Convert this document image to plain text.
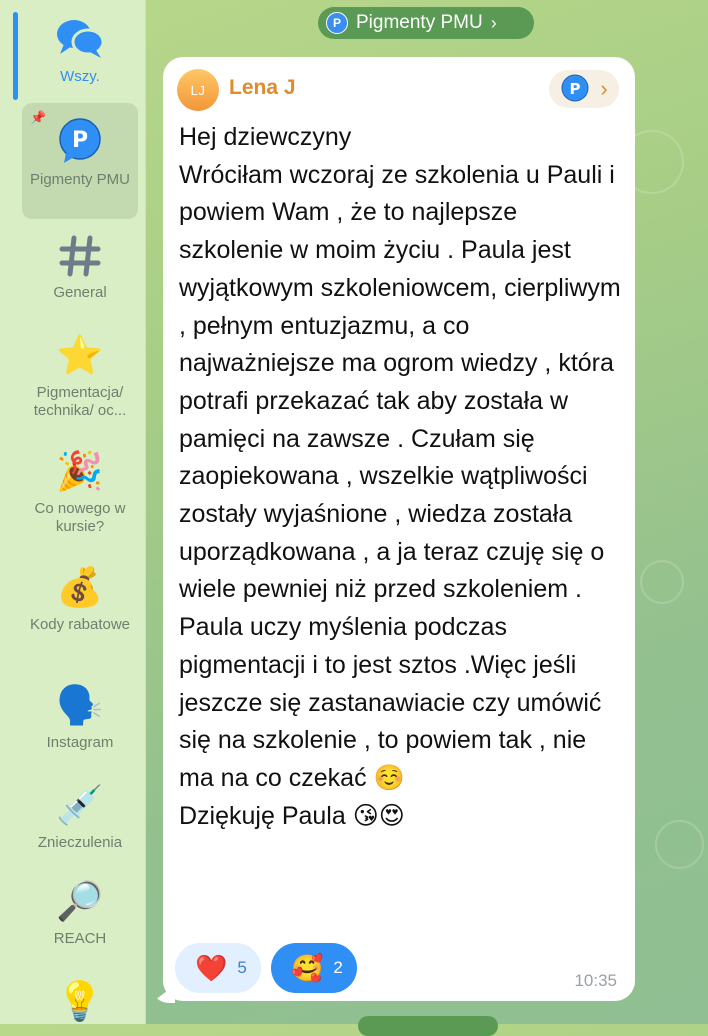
Wszy.
📌
P
Pigmenty PMU
General
⭐
Pigmentacja/ technika/ oc...
🎉
Co nowego w kursie?
💰
Kody rabatowe
🗣️
Instagram
💉
Znieczulenia
🔎
REACH
💡
P Pigmenty PMU ›
LJ	Lena J	P ›

Hej dziewczyny
Wróciłam wczoraj ze szkolenia u Pauli i powiem Wam , że to najlepsze szkolenie w moim życiu . Paula jest wyjątkowym szkoleniowcem, cierpliwym , pełnym entuzjazmu, a co najważniejsze ma ogrom wiedzy , która potrafi przekazać tak aby została w pamięci na zawsze . Czułam się zaopiekowana , wszelkie wątpliwości zostały wyjaśnione , wiedza została uporządkowana , a ja teraz czuję się o wiele pewniej niż przed szkoleniem . Paula uczy myślenia podczas pigmentacji i to jest sztos .Więc jeśli jeszcze się zastanawiacie czy umówić się na szkolenie , to powiem tak , nie ma na co czekać ☺️
Dziękuję Paula 😘😍

❤️ 5 🥰 2
10:35
